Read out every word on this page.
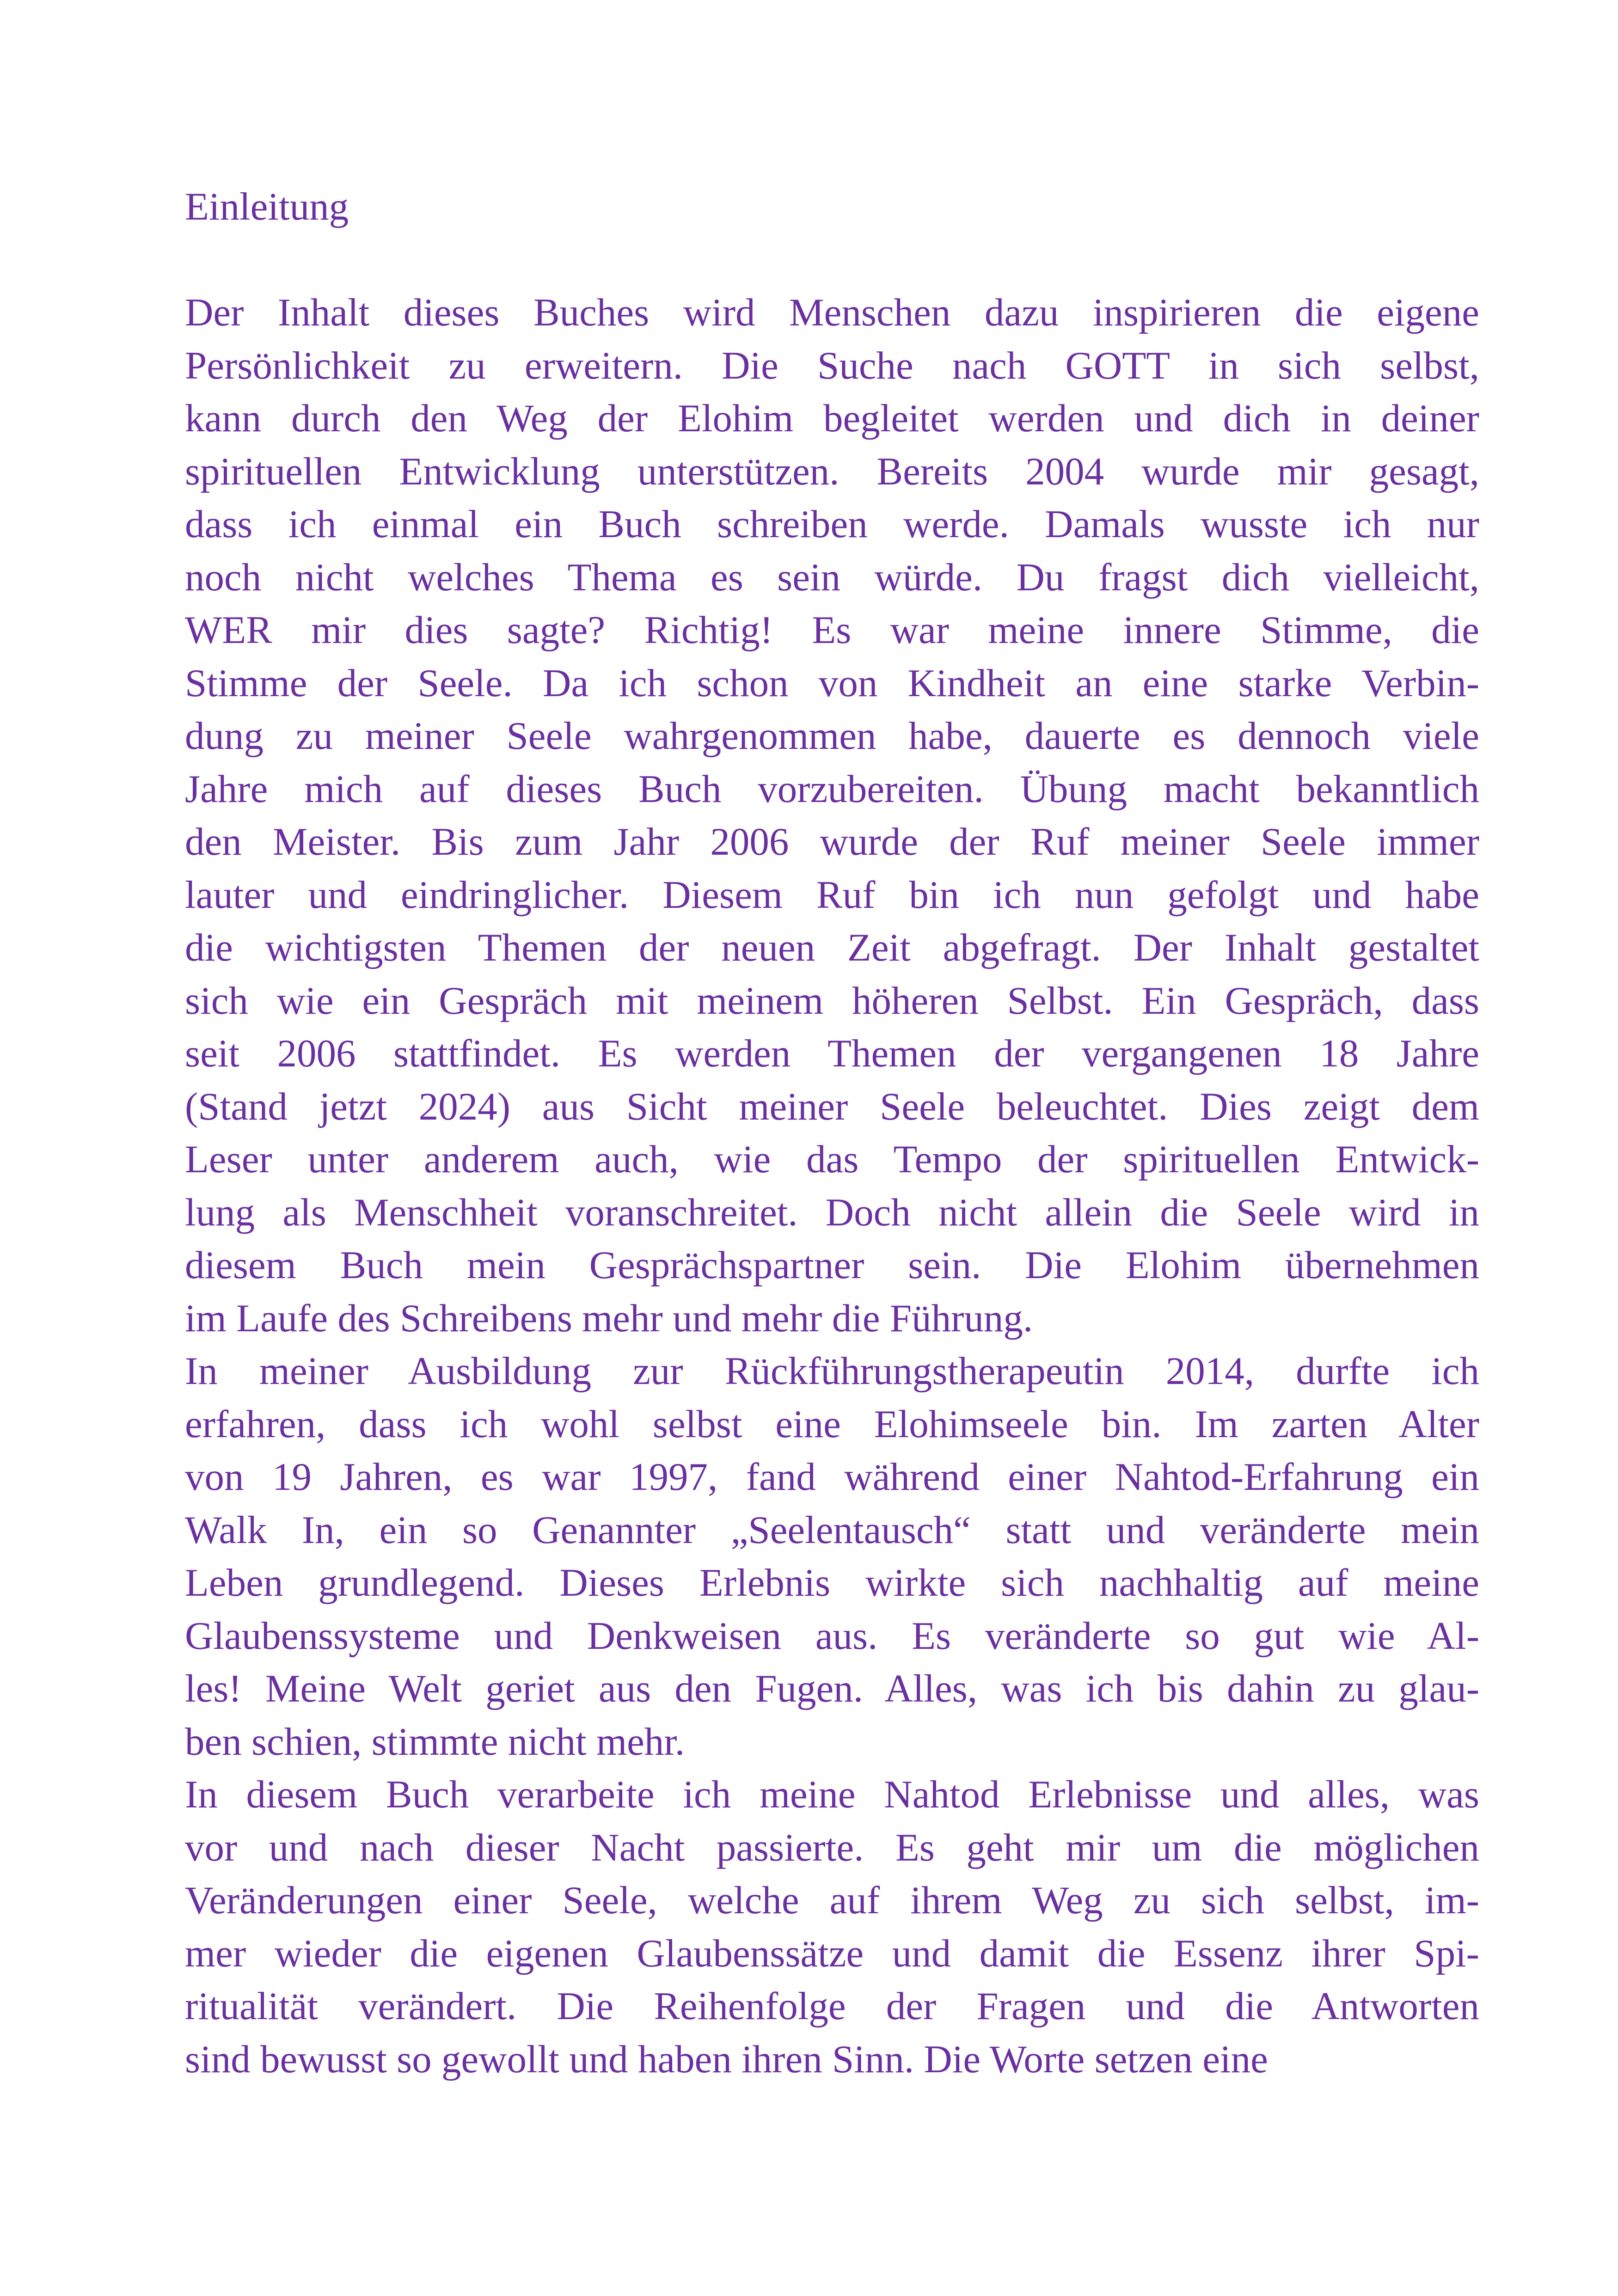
Einleitung
Der Inhalt dieses Buches wird Menschen dazu inspirieren die eigene
Persönlichkeit zu erweitern. Die Suche nach GOTT in sich selbst,
kann durch den Weg der Elohim begleitet werden und dich in deiner
spirituellen Entwicklung unterstützen. Bereits 2004 wurde mir gesagt,
dass ich einmal ein Buch schreiben werde. Damals wusste ich nur
noch nicht welches Thema es sein würde. Du fragst dich vielleicht,
WER mir dies sagte? Richtig! Es war meine innere Stimme, die
Stimme der Seele. Da ich schon von Kindheit an eine starke Verbin-
dung zu meiner Seele wahrgenommen habe, dauerte es dennoch viele
Jahre mich auf dieses Buch vorzubereiten. Übung macht bekanntlich
den Meister. Bis zum Jahr 2006 wurde der Ruf meiner Seele immer
lauter und eindringlicher. Diesem Ruf bin ich nun gefolgt und habe
die wichtigsten Themen der neuen Zeit abgefragt. Der Inhalt gestaltet
sich wie ein Gespräch mit meinem höheren Selbst. Ein Gespräch, dass
seit 2006 stattfindet. Es werden Themen der vergangenen 18 Jahre
(Stand jetzt 2024) aus Sicht meiner Seele beleuchtet. Dies zeigt dem
Leser unter anderem auch, wie das Tempo der spirituellen Entwick-
lung als Menschheit voranschreitet. Doch nicht allein die Seele wird in
diesem Buch mein Gesprächspartner sein. Die Elohim übernehmen
im Laufe des Schreibens mehr und mehr die Führung.
In meiner Ausbildung zur Rückführungstherapeutin 2014, durfte ich
erfahren, dass ich wohl selbst eine Elohimseele bin. Im zarten Alter
von 19 Jahren, es war 1997, fand während einer Nahtod-Erfahrung ein
Walk In, ein so Genannter „Seelentausch“ statt und veränderte mein
Leben grundlegend. Dieses Erlebnis wirkte sich nachhaltig auf meine
Glaubenssysteme und Denkweisen aus. Es veränderte so gut wie Al-
les! Meine Welt geriet aus den Fugen. Alles, was ich bis dahin zu glau-
ben schien, stimmte nicht mehr.
In diesem Buch verarbeite ich meine Nahtod Erlebnisse und alles, was
vor und nach dieser Nacht passierte. Es geht mir um die möglichen
Veränderungen einer Seele, welche auf ihrem Weg zu sich selbst, im-
mer wieder die eigenen Glaubenssätze und damit die Essenz ihrer Spi-
ritualität verändert. Die Reihenfolge der Fragen und die Antworten
sind bewusst so gewollt und haben ihren Sinn. Die Worte setzen eine
